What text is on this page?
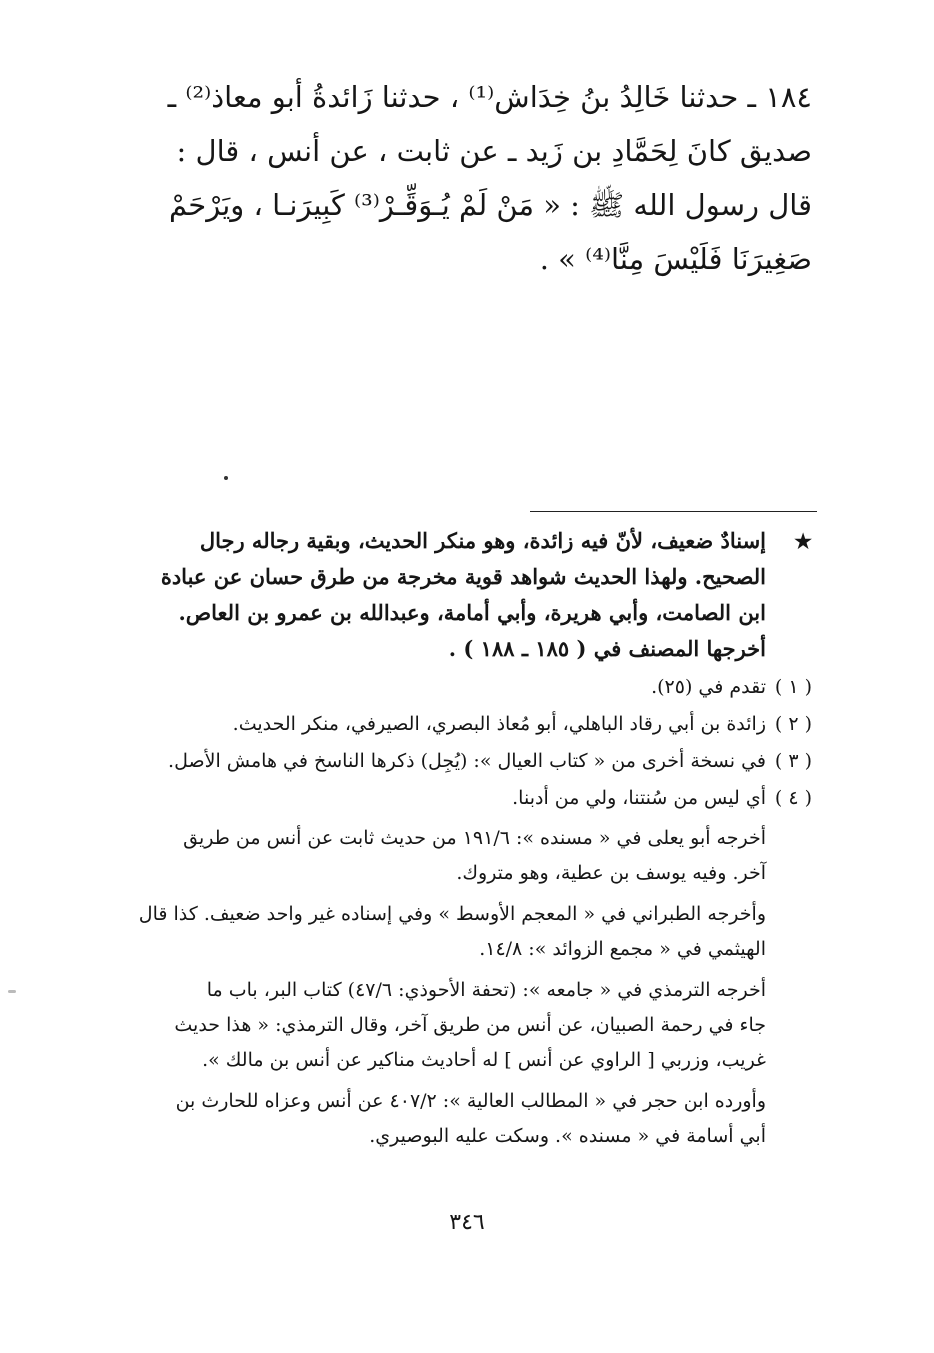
١٨٤ ـ حدثنا خَالِدُ بنُ خِدَاش⁽¹⁾ ، حدثنا زَائدةُ أبو معاذ⁽²⁾ ـ
صديق كانَ لِحَمَّادِ بن زَيد ـ عن ثابت ، عن أنس ، قال :
قال رسول الله ﷺ : « مَنْ لَمْ يُـوَقِّـرْ⁽³⁾ كَبِيرَنـا ، ويَرْحَمْ
صَغِيرَنَا فَلَيْسَ مِنَّا⁽⁴⁾ » .
★
إسنادٌ ضعيف، لأنّ فيه زائدة، وهو منكر الحديث، وبقية رجاله رجال
الصحيح. ولهذا الحديث شواهد قوية مخرجة من طرق حسان عن عبادة
ابن الصامت، وأبي هريرة، وأبي أمامة، وعبدالله بن عمرو بن العاص.
أخرجها المصنف في ( ١٨٥ ـ ١٨٨ ) .
( ١ )
تقدم في (٢٥).
( ٢ )
زائدة بن أبي رقاد الباهلي، أبو مُعاذ البصري، الصيرفي، منكر الحديث.
( ٣ )
في نسخة أخرى من « كتاب العيال »: (يُجِل) ذكرها الناسخ في هامش الأصل.
( ٤ )
أي ليس من سُنتنا، ولي من أدبنا.
أخرجه أبو يعلى في « مسنده »: ١٩١/٦ من حديث ثابت عن أنس من طريق
آخر. وفيه يوسف بن عطية، وهو متروك.
وأخرجه الطبراني في « المعجم الأوسط » وفي إسناده غير واحد ضعيف. كذا قال
الهيثمي في « مجمع الزوائد »: ١٤/٨.
أخرجه الترمذي في « جامعه »: (تحفة الأحوذي: ٤٧/٦) كتاب البر، باب ما
جاء في رحمة الصبيان، عن أنس من طريق آخر، وقال الترمذي: « هذا حديث
غريب، وزربي [ الراوي عن أنس ] له أحاديث مناكير عن أنس بن مالك ».
وأورده ابن حجر في « المطالب العالية »: ٤٠٧/٢ عن أنس وعزاه للحارث بن
أبي أسامة في « مسنده ». وسكت عليه البوصيري.
٣٤٦
